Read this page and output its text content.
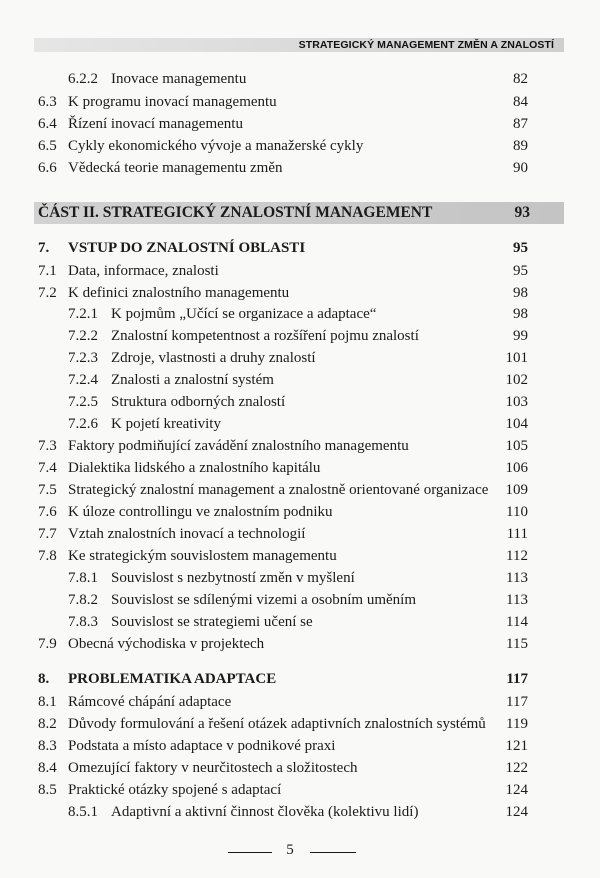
STRATEGICKÝ MANAGEMENT ZMĚN A ZNALOSTÍ
6.2.2 Inovace managementu	82
6.3 K programu inovací managementu	84
6.4 Řízení inovací managementu	87
6.5 Cykly ekonomického vývoje a manažerské cykly	89
6.6 Vědecká teorie managementu změn	90
ČÁST II. STRATEGICKÝ ZNALOSTNÍ MANAGEMENT	93
7. VSTUP DO ZNALOSTNÍ OBLASTI	95
7.1 Data, informace, znalosti	95
7.2 K definici znalostního managementu	98
7.2.1 K pojmům „Učící se organizace a adaptace“	98
7.2.2 Znalostní kompetentnost a rozšíření pojmu znalostí	99
7.2.3 Zdroje, vlastnosti a druhy znalostí	101
7.2.4 Znalosti a znalostní systém	102
7.2.5 Struktura odborných znalostí	103
7.2.6 K pojetí kreativity	104
7.3 Faktory podmiňující zavádění znalostního managementu	105
7.4 Dialektika lidského a znalostního kapitálu	106
7.5 Strategický znalostní management a znalostně orientované organizace 109
7.6 K úloze controllingu ve znalostním podniku	110
7.7 Vztah znalostních inovací a technologií	111
7.8 Ke strategickým souvislostem managementu	112
7.8.1 Souvislost s nezbytností změn v myšlení	113
7.8.2 Souvislost se sdílenými vizemi a osobním uměním	113
7.8.3 Souvislost se strategiemi učení se	114
7.9 Obecná východiska v projektech	115
8. PROBLEMATIKA ADAPTACE	117
8.1 Rámcové chápání adaptace	117
8.2 Důvody formulování a řešení otázek adaptivních znalostních systémů 119
8.3 Podstata a místo adaptace v podnikové praxi	121
8.4 Omezující faktory v neurčitostech a složitostech	122
8.5 Praktické otázky spojené s adaptací	124
8.5.1 Adaptivní a aktivní činnost člověka (kolektivu lidí)	124
5
